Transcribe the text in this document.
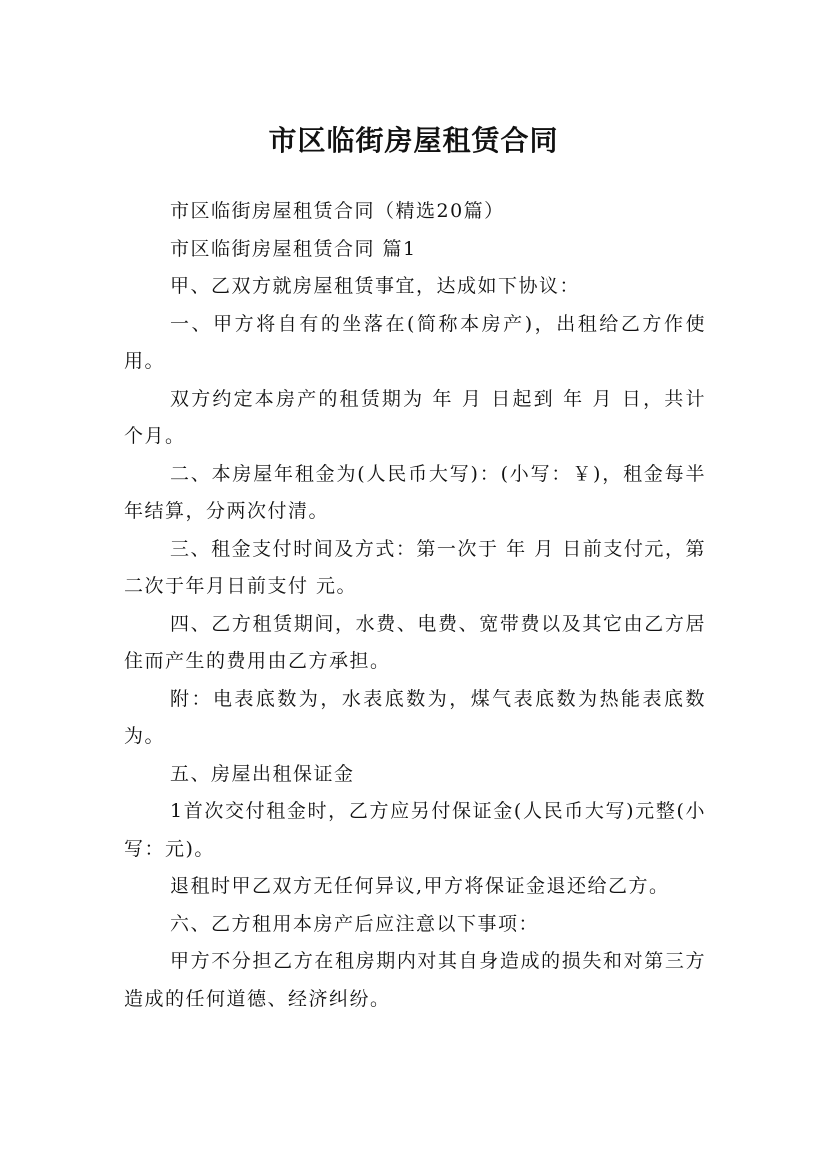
市区临街房屋租赁合同

市区临街房屋租赁合同（精选20篇）

市区临街房屋租赁合同 篇1

甲、乙双方就房屋租赁事宜，达成如下协议：

一、甲方将自有的坐落在(简称本房产)，出租给乙方作使用。

双方约定本房产的租赁期为 年 月 日起到 年 月 日，共计 个月。

二、本房屋年租金为(人民币大写)：(小写：￥)，租金每半年结算，分两次付清。

三、租金支付时间及方式：第一次于 年 月 日前支付元，第二次于年月日前支付 元。

四、乙方租赁期间，水费、电费、宽带费以及其它由乙方居住而产生的费用由乙方承担。

附：电表底数为，水表底数为，煤气表底数为热能表底数为。

五、房屋出租保证金

1首次交付租金时，乙方应另付保证金(人民币大写)元整(小写：元)。

退租时甲乙双方无任何异议,甲方将保证金退还给乙方。

六、乙方租用本房产后应注意以下事项：

甲方不分担乙方在租房期内对其自身造成的损失和对第三方造成的任何道德、经济纠纷。
